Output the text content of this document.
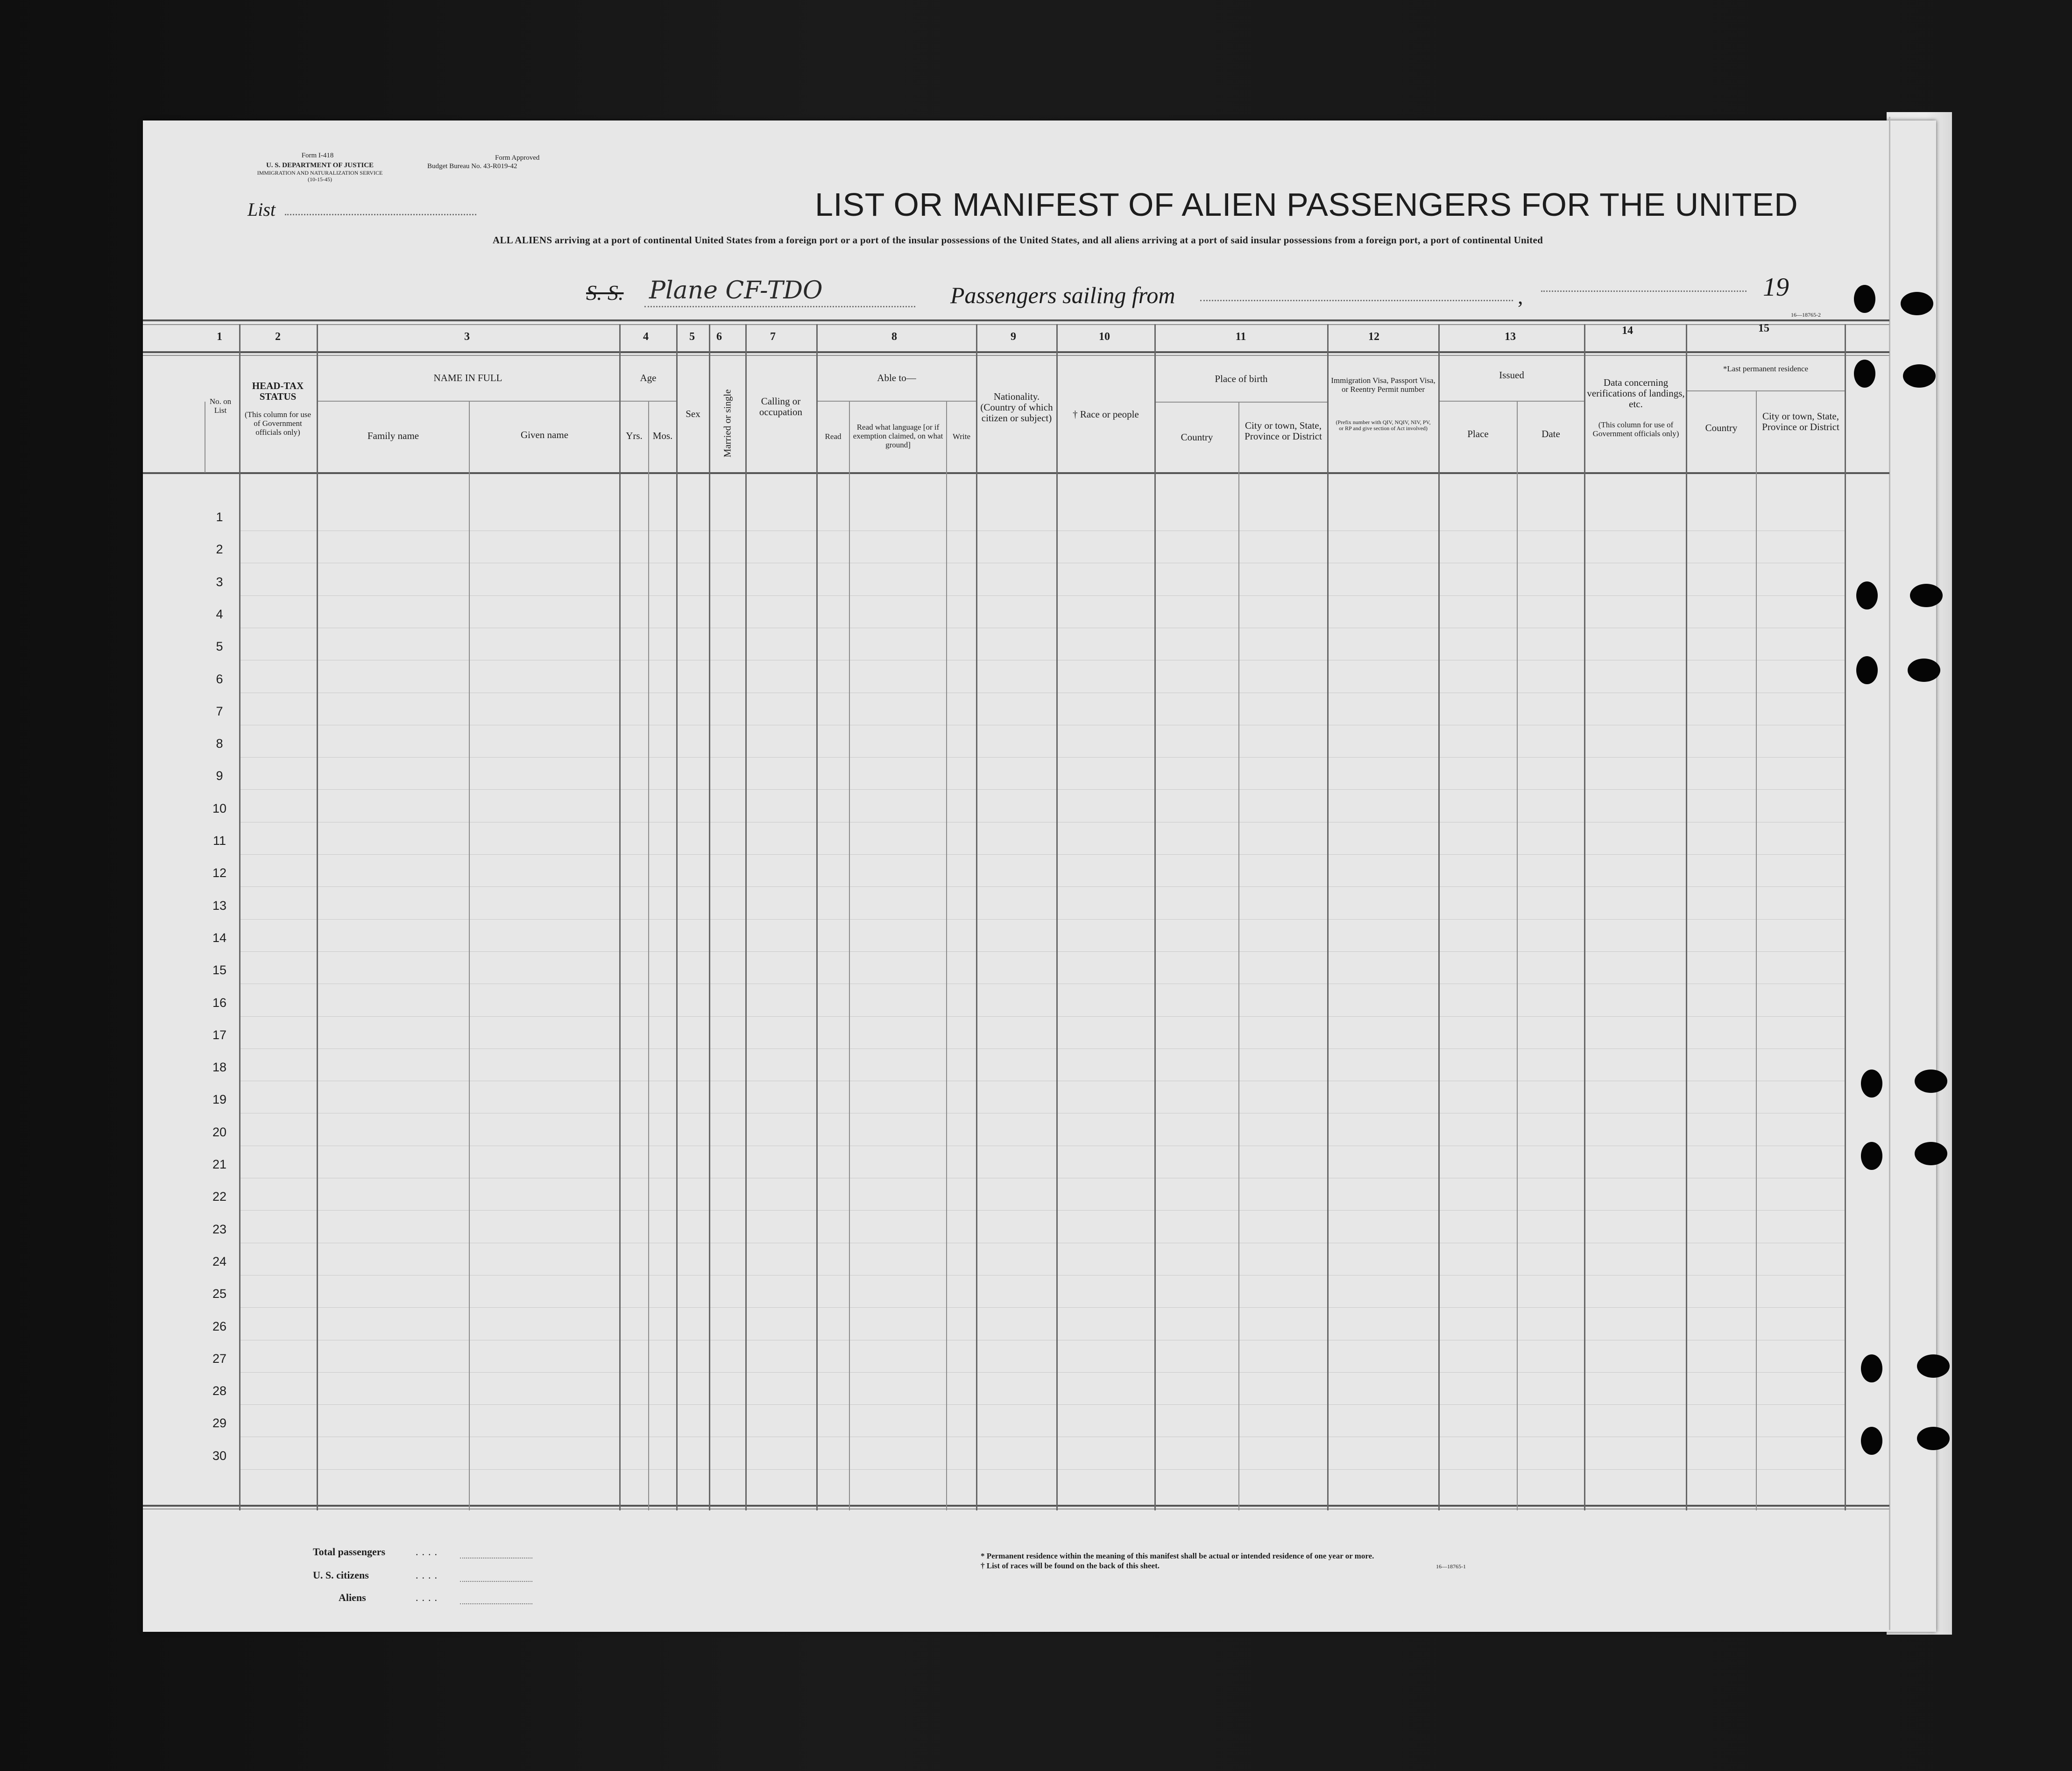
Form I-418
U. S. DEPARTMENT OF JUSTICE
IMMIGRATION AND NATURALIZATION SERVICE
(10-15-45)
Form Approved
Budget Bureau No. 43-R019-42
List	LIST OR MANIFEST OF ALIEN PASSENGERS FOR THE UNITED
ALL ALIENS arriving at a port of continental United States from a foreign port or a port of the insular possessions of the United States, and all aliens arriving at a port of said insular possessions from a foreign port, a port of continental United
S. S. Plane CF-TDO	Passengers sailing from	,	19
16—18765-2
1	2	3	4	5	6	7	8	9	10	11	12	13	14	15
No. on List
HEAD-TAX STATUS
(This column for use of Government officials only)
NAME IN FULL
Family name	Given name
Age
Yrs.	Mos.
Sex	Married or single	Calling or occupation
Able to—
Read
Read what language [or if exemption claimed, on what ground]
Write
Nationality. (Country of which citizen or subject)	† Race or people
Place of birth
Country
City or town, State, Province or District
Immigration Visa, Passport Visa, or Reentry Permit number
(Prefix number with QIV, NQIV, NIV, PV, or RP and give section of Act involved)
Issued
Place	Date
Data concerning verifications of landings, etc.
(This column for use of Government officials only)
*Last permanent residence
Country
City or town, State, Province or District
1
2
3
4
5
6
7
8
9
10
11
12
13
14
15
16
17
18
19
20
21
22
23
24
25
26
27
28
29
30
Total passengers	....
U. S. citizens	....
Aliens	....
* Permanent residence within the meaning of this manifest shall be actual or intended residence of one year or more.
† List of races will be found on the back of this sheet.	16—18765-1
